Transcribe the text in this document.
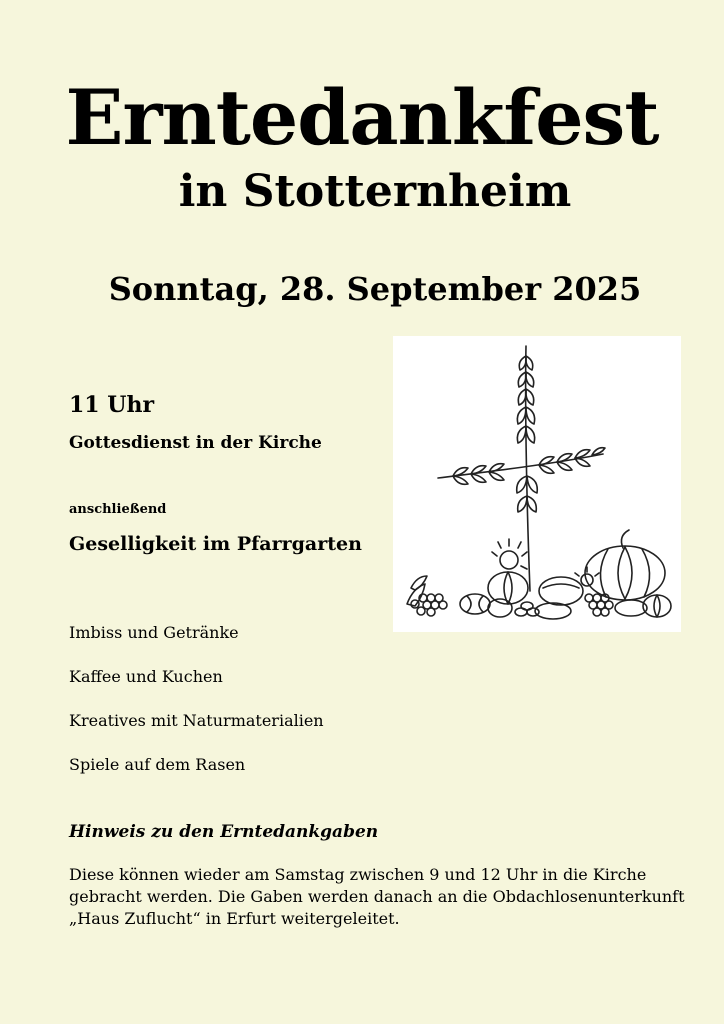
Erntedankfest
in Stotternheim
Sonntag, 28. September 2025
11 Uhr
Gottesdienst in der Kirche
anschließend
Geselligkeit im Pfarrgarten
Imbiss und Getränke
Kaffee und Kuchen
Kreatives mit Naturmaterialien
Spiele auf dem Rasen
Hinweis zu den Erntedankgaben
Diese können wieder am Samstag zwischen 9 und 12 Uhr in die Kirche gebracht werden. Die Gaben werden danach an die Obdachlosenunterkunft „Haus Zuflucht“ in Erfurt weitergeleitet.
